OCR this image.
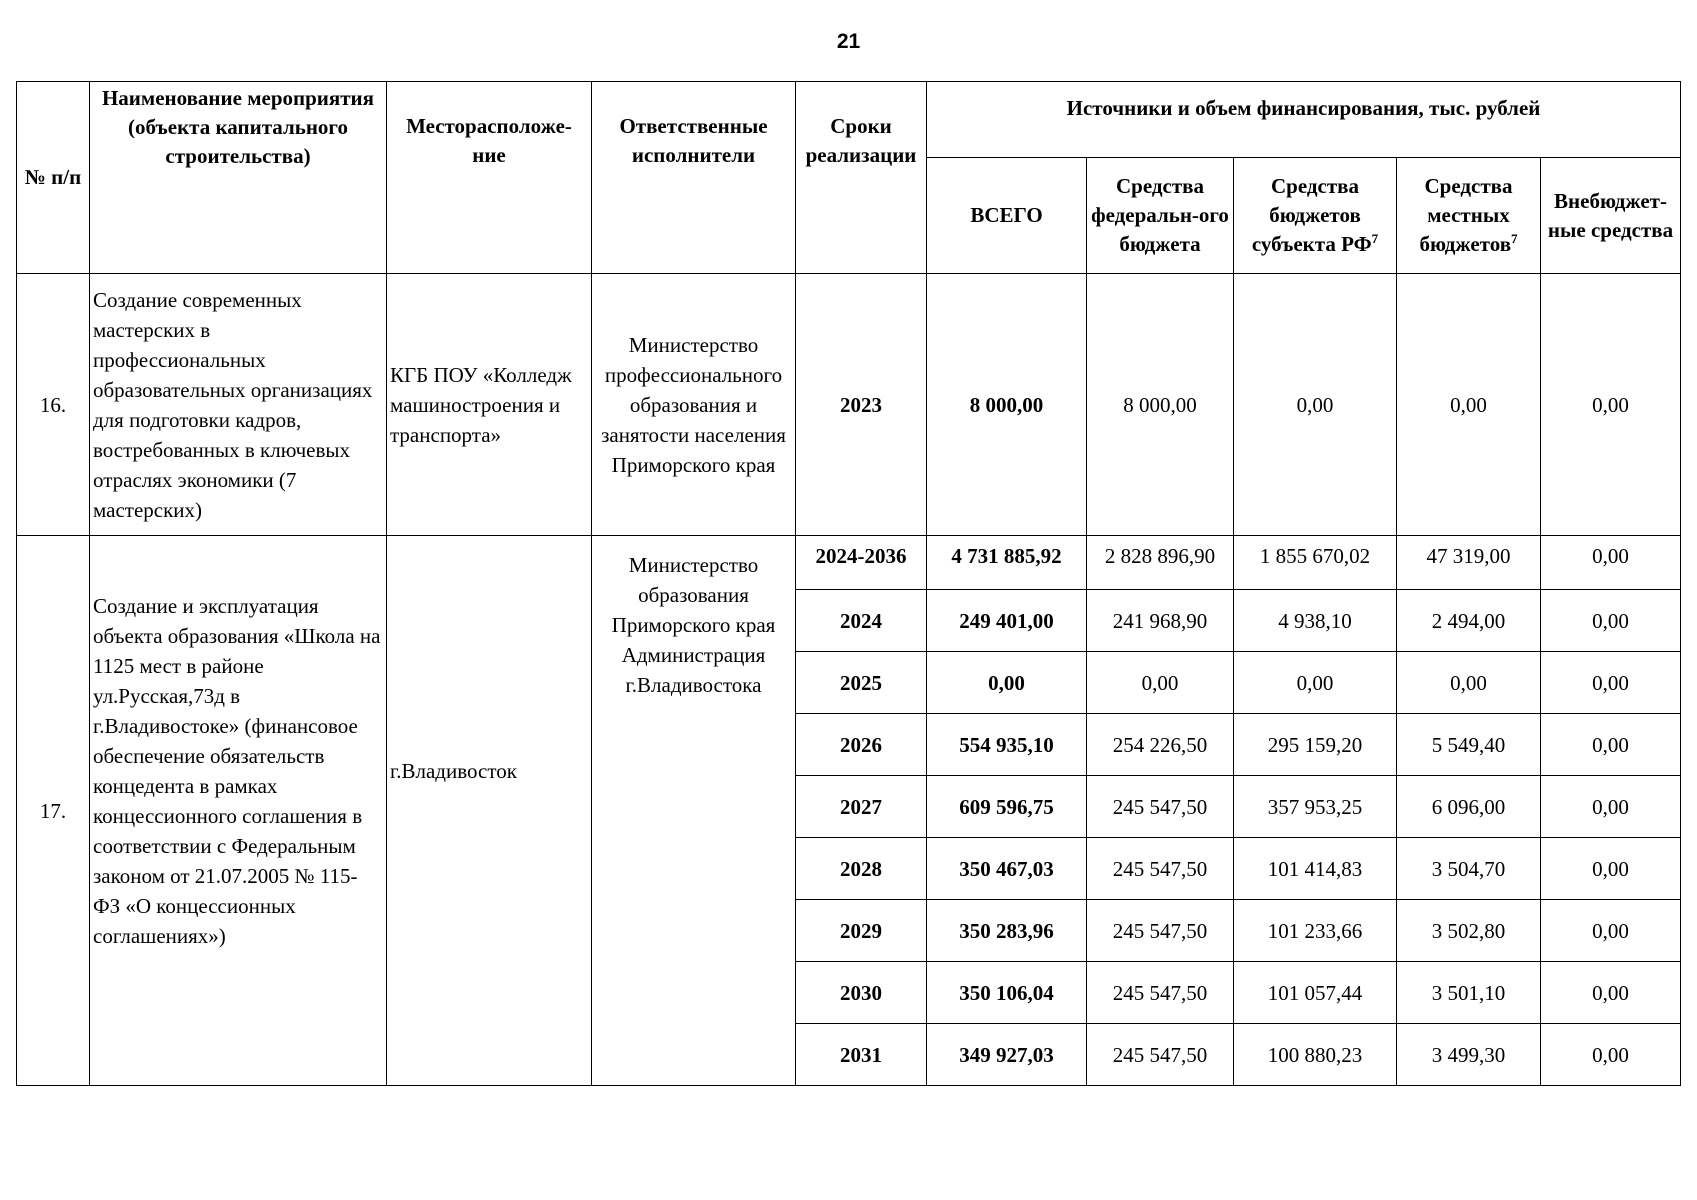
21
№ п/п	Наименование мероприятия (объекта капитального строительства)	Месторасположе-ние	Ответственные исполнители	Сроки реализации	Источники и объем финансирования, тыс. рублей				
					ВСЕГО	Средства федеральн-ого бюджета	Средства бюджетов субъекта $РФ^7$	Средства местных бюджетов$^7$	Внебюджет-ные средства
16.	Создание современных мастерских в профессиональных образовательных организациях для подготовки кадров, востребованных в ключевых отраслях экономики (7 мастерских)	КГБ ПОУ «Колледж машиностроения и транспорта»	Министерство профессионального образования и занятости населения Приморского края	2023	8 000,00	8 000,00	0,00	0,00	0,00
17.	Создание и эксплуатация объекта образования «Школа на 1125 мест в районе ул.Русская,73д в г.Владивостоке» (финансовое обеспечение обязательств концедента в рамках концессионного соглашения в соответствии с Федеральным законом от 21.07.2005 № 115-ФЗ «О концессионных соглашениях»)	г.Владивосток	Министерство образования Приморского края Администрация г.Владивостока	2024-2036	4 731 885,92	2 828 896,90	1 855 670,02	47 319,00	0,00
				2024	249 401,00	241 968,90	4 938,10	2 494,00	0,00
				2025	0,00	0,00	0,00	0,00	0,00
				2026	554 935,10	254 226,50	295 159,20	5 549,40	0,00
				2027	609 596,75	245 547,50	357 953,25	6 096,00	0,00
				2028	350 467,03	245 547,50	101 414,83	3 504,70	0,00
				2029	350 283,96	245 547,50	101 233,66	3 502,80	0,00
				2030	350 106,04	245 547,50	101 057,44	3 501,10	0,00
				2031	349 927,03	245 547,50	100 880,23	3 499,30	0,00
